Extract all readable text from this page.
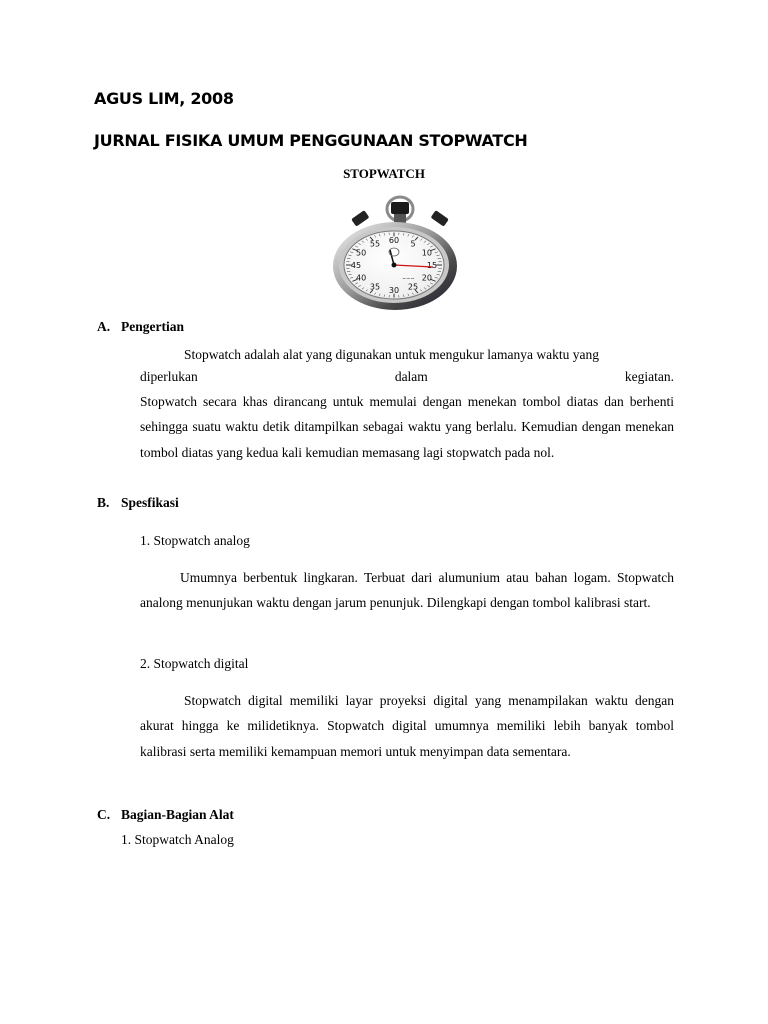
AGUS LIM, 2008
JURNAL FISIKA UMUM PENGGUNAAN STOPWATCH
STOPWATCH
60 5
10
15
20
25
30
35
40
45
50
55
~~~
A. Pengertian
Stopwatch adalah alat yang digunakan untuk mengukur lamanya waktu yang
diperlukan	dalam	kegiatan.
Stopwatch secara khas dirancang untuk memulai dengan menekan tombol diatas dan berhenti sehingga suatu waktu detik ditampilkan sebagai waktu yang berlalu. Kemudian dengan menekan tombol diatas yang kedua kali kemudian memasang lagi stopwatch pada nol.
B. Spesfikasi
1. Stopwatch analog
Umumnya berbentuk lingkaran. Terbuat dari alumunium atau bahan logam. Stopwatch analong menunjukan waktu dengan jarum penunjuk. Dilengkapi dengan tombol kalibrasi start.
2. Stopwatch digital
Stopwatch digital memiliki layar proyeksi digital yang menampilakan waktu dengan akurat hingga ke milidetiknya. Stopwatch digital umumnya memiliki lebih banyak tombol kalibrasi serta memiliki kemampuan memori untuk menyimpan data sementara.
C. Bagian-Bagian Alat
1. Stopwatch Analog
